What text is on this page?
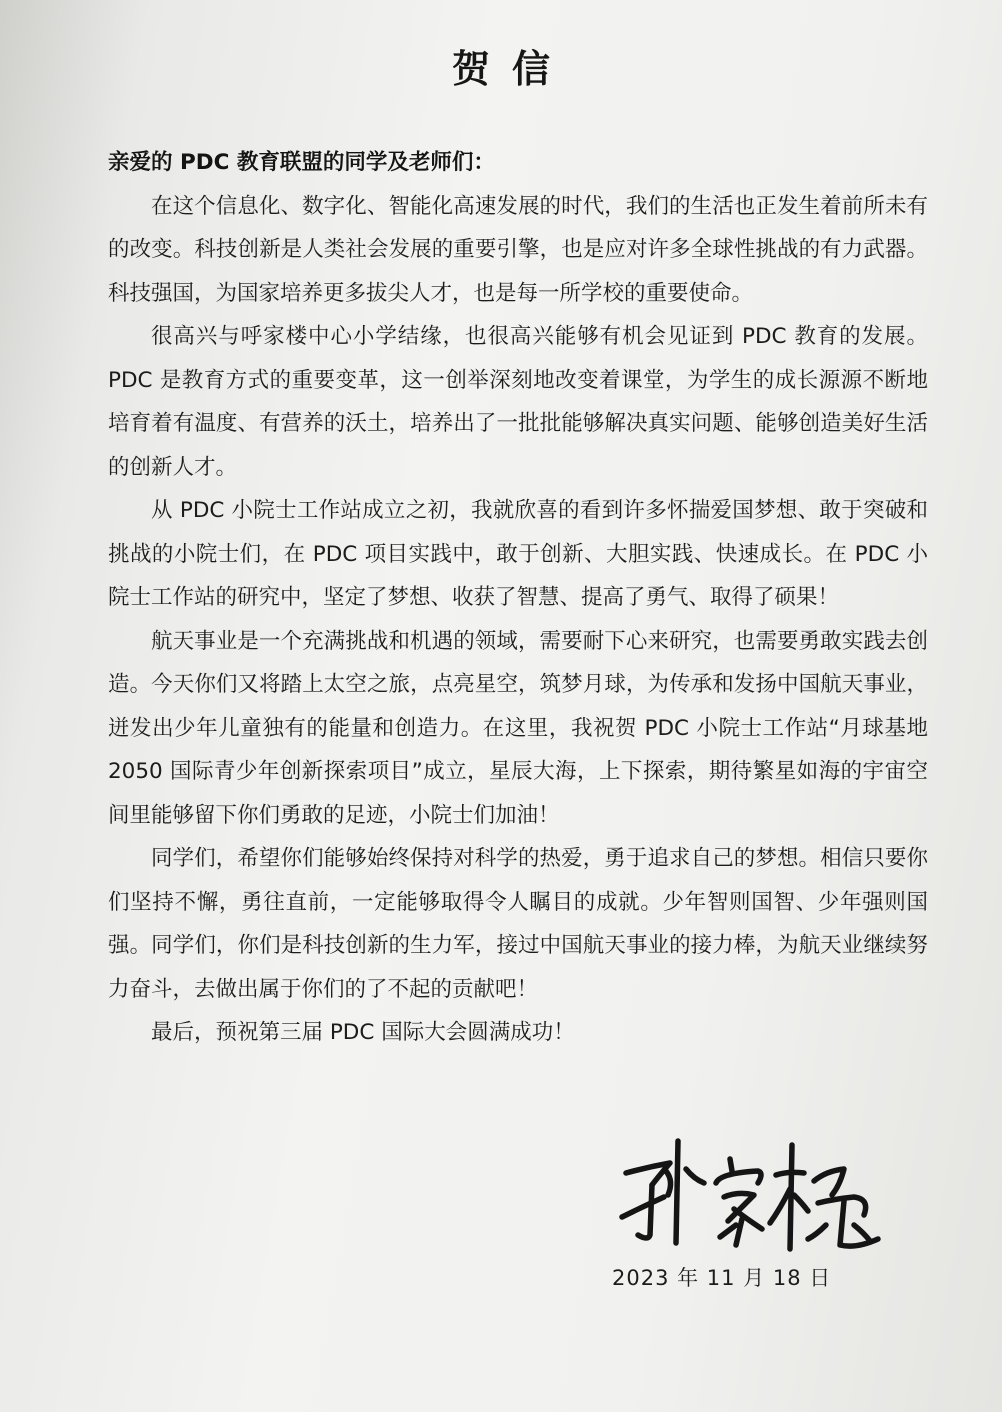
贺信

亲爱的 PDC 教育联盟的同学及老师们：

在这个信息化、数字化、智能化高速发展的时代，我们的生活也正发生着前所未有的改变。科技创新是人类社会发展的重要引擎，也是应对许多全球性挑战的有力武器。科技强国，为国家培养更多拔尖人才，也是每一所学校的重要使命。

很高兴与呼家楼中心小学结缘，也很高兴能够有机会见证到 PDC 教育的发展。PDC 是教育方式的重要变革，这一创举深刻地改变着课堂，为学生的成长源源不断地培育着有温度、有营养的沃土，培养出了一批批能够解决真实问题、能够创造美好生活的创新人才。

从 PDC 小院士工作站成立之初，我就欣喜的看到许多怀揣爱国梦想、敢于突破和挑战的小院士们，在 PDC 项目实践中，敢于创新、大胆实践、快速成长。在 PDC 小院士工作站的研究中，坚定了梦想、收获了智慧、提高了勇气、取得了硕果！

航天事业是一个充满挑战和机遇的领域，需要耐下心来研究，也需要勇敢实践去创造。今天你们又将踏上太空之旅，点亮星空，筑梦月球，为传承和发扬中国航天事业，迸发出少年儿童独有的能量和创造力。在这里，我祝贺 PDC 小院士工作站“月球基地 2050 国际青少年创新探索项目”成立，星辰大海，上下探索，期待繁星如海的宇宙空间里能够留下你们勇敢的足迹，小院士们加油！

同学们，希望你们能够始终保持对科学的热爱，勇于追求自己的梦想。相信只要你们坚持不懈，勇往直前，一定能够取得令人瞩目的成就。少年智则国智、少年强则国强。同学们，你们是科技创新的生力军，接过中国航天事业的接力棒，为航天业继续努力奋斗，去做出属于你们的了不起的贡献吧！

最后，预祝第三届 PDC 国际大会圆满成功！

2023 年 11 月 18 日
